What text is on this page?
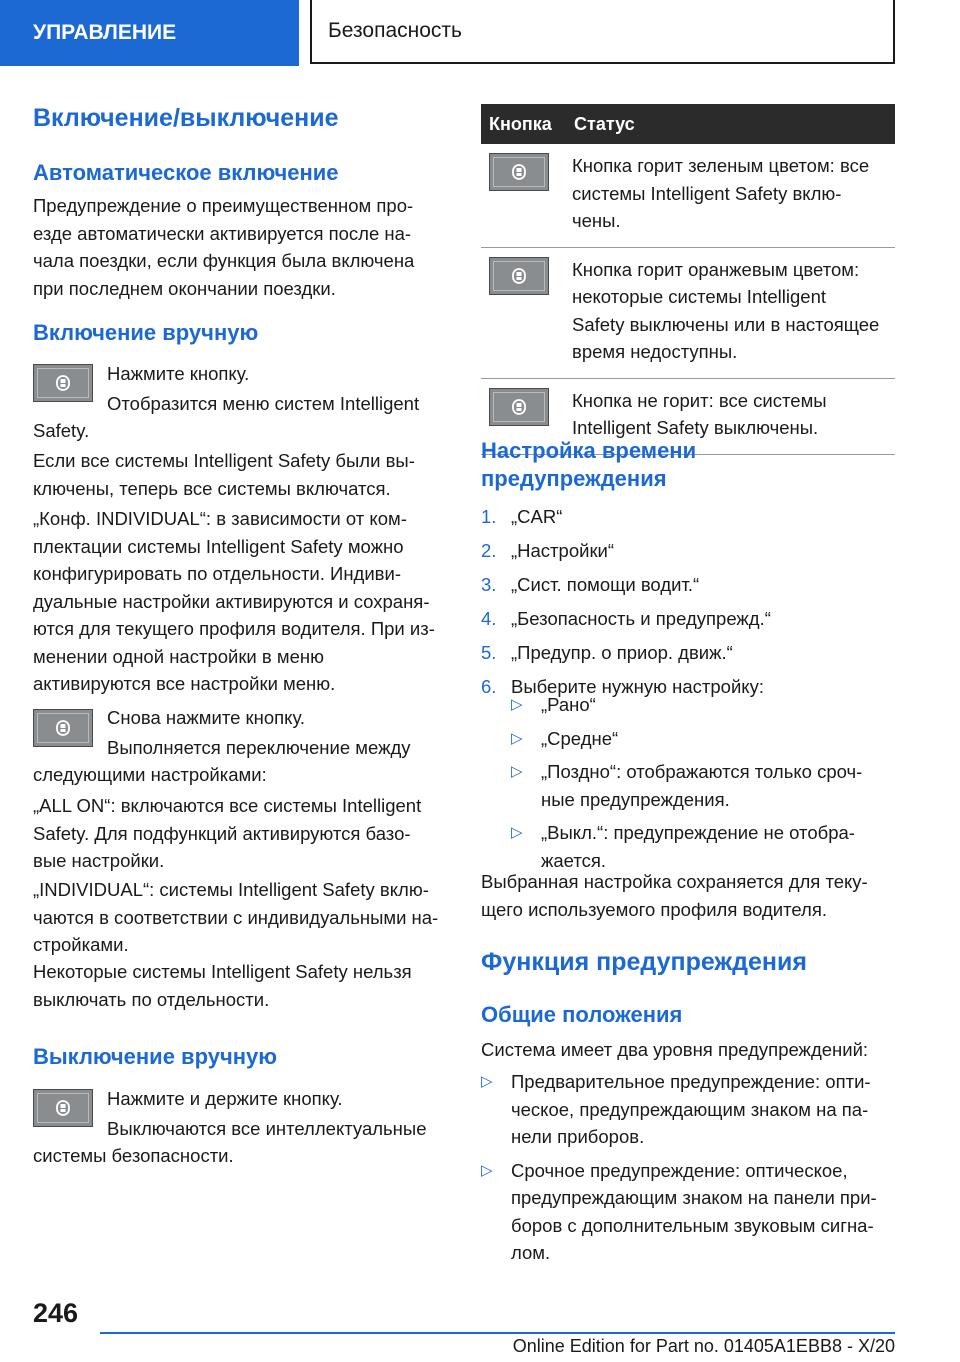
УПРАВЛЕНИЕ	Безопасность
Включение/выключение
Автоматическое включение

Предупреждение о преимущественном про‐
езде автоматически активируется после на‐
чала поездки, если функция была включена
при последнем окончании поездки.

Включение вручную

Нажмите кнопку.

Отобразится меню систем Intelligent

Safety.

Если все системы Intelligent Safety были вы‐
ключены, теперь все системы включатся.

„Конф. INDIVIDUAL“: в зависимости от ком‐
плектации системы Intelligent Safety можно
конфигурировать по отдельности. Индиви‐
дуальные настройки активируются и сохраня‐
ются для текущего профиля водителя. При из‐
менении одной настройки в меню
активируются все настройки меню.

Снова нажмите кнопку.

Выполняется переключение между

следующими настройками:

„ALL ON“: включаются все системы Intelligent
Safety. Для подфункций активируются базо‐
вые настройки.

„INDIVIDUAL“: системы Intelligent Safety вклю‐
чаются в соответствии с индивидуальными на‐
стройками.

Некоторые системы Intelligent Safety нельзя
выключать по отдельности.

Выключение вручную

Нажмите и держите кнопку.

Выключаются все интеллектуальные

системы безопасности.

Кнопка	Статус

	Кнопка горит зеленым цветом: все
системы Intelligent Safety вклю‐
чены.

	Кнопка горит оранжевым цветом:
некоторые системы Intelligent
Safety выключены или в настоящее
время недоступны.

	Кнопка не горит: все системы
Intelligent Safety выключены.
Настройка времени
предупреждения
1. „CAR“
2. „Настройки“
3. „Сист. помощи водит.“
4. „Безопасность и предупрежд.“
5. „Предупр. о приор. движ.“
6. Выберите нужную настройку:
▷ „Рано“
▷ „Средне“
▷ „Поздно“: отображаются только сроч‐
ные предупреждения.
▷ „Выкл.“: предупреждение не отобра‐
жается.

Выбранная настройка сохраняется для теку‐
щего используемого профиля водителя.

Функция предупреждения
Общие положения

Система имеет два уровня предупреждений:

▷ Предварительное предупреждение: опти‐
ческое, предупреждающим знаком на па‐
нели приборов.
▷ Срочное предупреждение: оптическое,
предупреждающим знаком на панели при‐
боров с дополнительным звуковым сигна‐
лом.
246
Online Edition for Part no. 01405A1EBB8 - X/20
